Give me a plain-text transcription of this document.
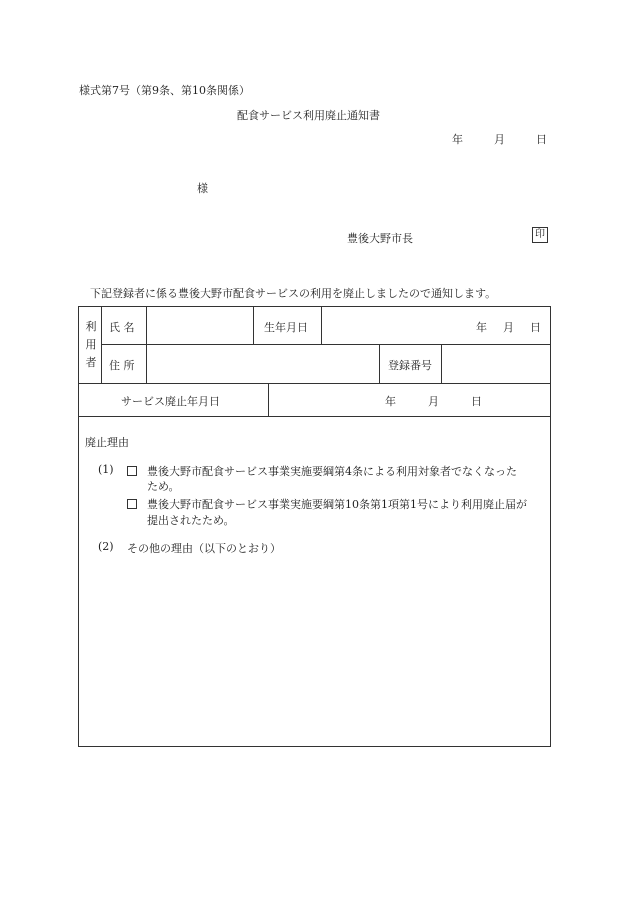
様式第7号（第9条、第10条関係）
配食サービス利用廃止通知書
年	月	日
様
豊後大野市長	印
下記登録者に係る豊後大野市配食サービスの利用を廃止しましたので通知します。
利
用
者
氏 名	生年月日	年 月 日
住 所	登録番号
サービス廃止年月日	年	月	日
廃止理由
(1)	豊後大野市配食サービス事業実施要綱第4条による利用対象者でなくなった
ため。
豊後大野市配食サービス事業実施要綱第10条第1項第1号により利用廃止届が
提出されたため。
(2) その他の理由（以下のとおり）
